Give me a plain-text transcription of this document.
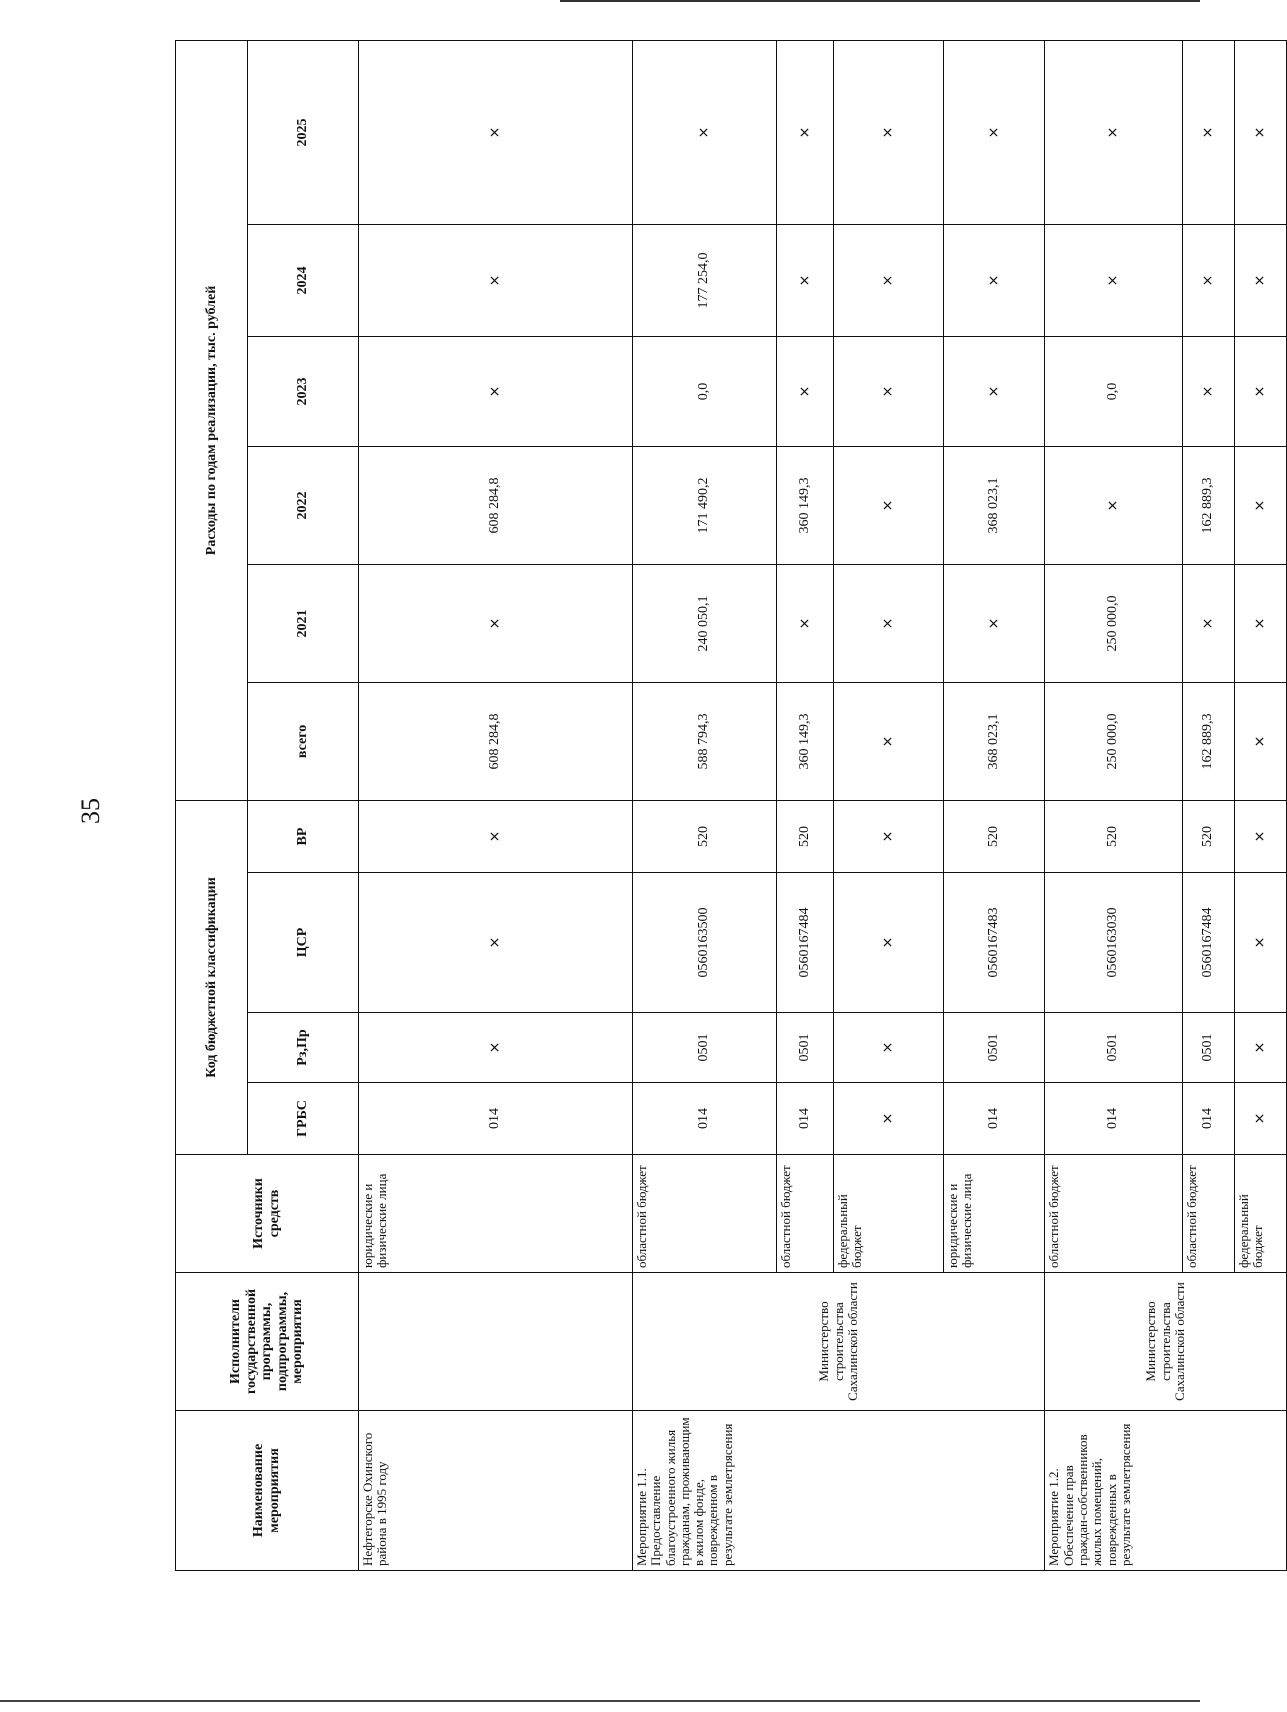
35
Наименование мероприятия	Исполнители государственной программы, подпрограммы, мероприятия	Источники средств	Код бюджетной классификации				Расходы по годам реализации, тыс. рублей					
			ГРБС	Рз,Пр	ЦСР	ВР	всего	2021	2022	2023	2024	2025
Нефтегорске Охинского района в 1995 году		юридические и физические лица	014	×	×	×	608 284,8	×	608 284,8	×	×	×
Мероприятие 1.1. Предоставление благоустроенного жилья гражданам, проживающим в жилом фонде, поврежденном в результате землетрясения	Министерство строительства Сахалинской области	областной бюджет	014	0501	0560163500	520	588 794,3	240 050,1	171 490,2	0,0	177 254,0	×
		областной бюджет	014	0501	0560167484	520	360 149,3	×	360 149,3	×	×	×
		федеральный бюджет	×	×	×	×	×	×	×	×	×	×
		юридические и физические лица	014	0501	0560167483	520	368 023,1	×	368 023,1	×	×	×
Мероприятие 1.2. Обеспечение прав граждан-собственников жилых помещений, поврежденных в результате землетрясения	Министерство строительства Сахалинской области	областной бюджет	014	0501	0560163030	520	250 000,0	250 000,0	×	0,0	×	×
		областной бюджет	014	0501	0560167484	520	162 889,3	×	162 889,3	×	×	×
		федеральный бюджет	×	×	×	×	×	×	×	×	×	×
